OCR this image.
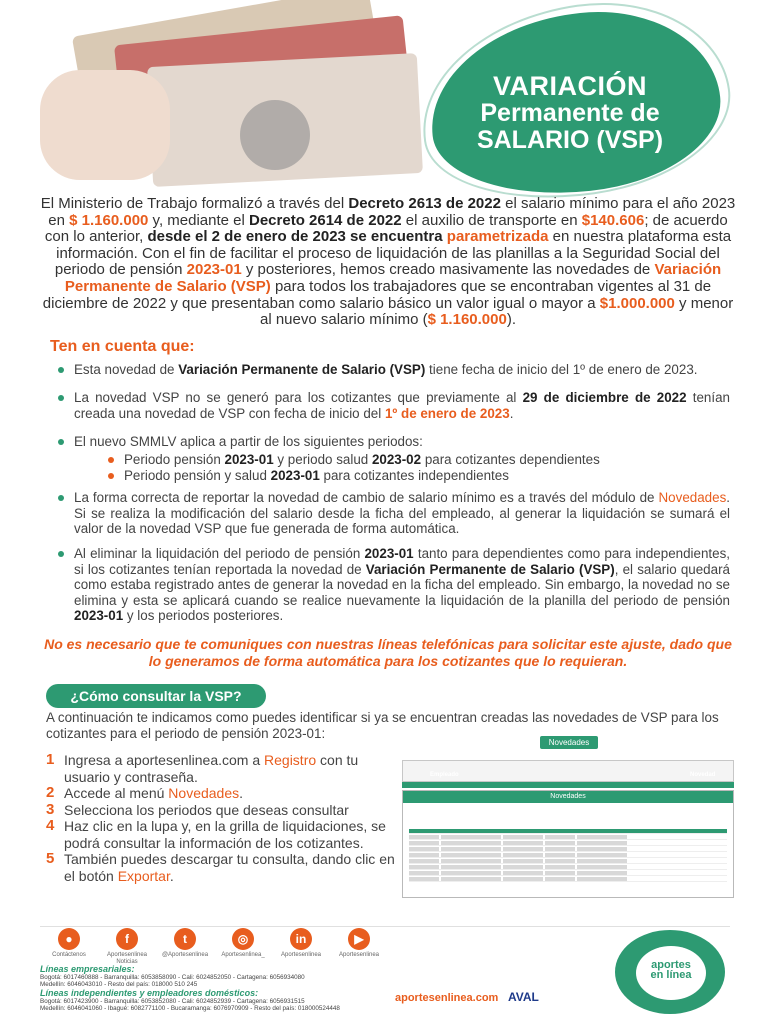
VARIACIÓN
Permanente de
SALARIO (VSP)

El Ministerio de Trabajo formalizó a través del Decreto 2613 de 2022 el salario mínimo para el año 2023 en $ 1.160.000 y, mediante el Decreto 2614 de 2022 el auxilio de transporte en $140.606; de acuerdo con lo anterior, desde el 2 de enero de 2023 se encuentra parametrizada en nuestra plataforma esta información. Con el fin de facilitar el proceso de liquidación de las planillas a la Seguridad Social del periodo de pensión 2023-01 y posteriores, hemos creado masivamente las novedades de Variación Permanente de Salario (VSP) para todos los trabajadores que se encontraban vigentes al 31 de diciembre de 2022 y que presentaban como salario básico un valor igual o mayor a $1.000.000 y menor al nuevo salario mínimo ($ 1.160.000).

Ten en cuenta que:
Esta novedad de Variación Permanente de Salario (VSP) tiene fecha de inicio del 1º de enero de 2023.
La novedad VSP no se generó para los cotizantes que previamente al 29 de diciembre de 2022 tenían creada una novedad de VSP con fecha de inicio del 1º de enero de 2023.
El nuevo SMMLV aplica a partir de los siguientes periodos:
Periodo pensión 2023-01 y periodo salud 2023-02 para cotizantes dependientes
Periodo pensión y salud 2023-01 para cotizantes independientes
La forma correcta de reportar la novedad de cambio de salario mínimo es a través del módulo de Novedades. Si se realiza la modificación del salario desde la ficha del empleado, al generar la liquidación se sumará el valor de la novedad VSP que fue generada de forma automática.
Al eliminar la liquidación del periodo de pensión 2023-01 tanto para dependientes como para independientes, si los cotizantes tenían reportada la novedad de Variación Permanente de Salario (VSP), el salario quedará como estaba registrado antes de generar la novedad en la ficha del empleado. Sin embargo, la novedad no se elimina y esta se aplicará cuando se realice nuevamente la liquidación de la planilla del periodo de pensión 2023-01 y los periodos posteriores.
No es necesario que te comuniques con nuestras líneas telefónicas para solicitar este ajuste, dado que lo generamos de forma automática para los cotizantes que lo requieran.
¿Cómo consultar la VSP?
A continuación te indicamos como puedes identificar si ya se encuentran creadas las novedades de VSP para los cotizantes para el periodo de pensión 2023-01:
1 Ingresa a aportesenlinea.com a Registro con tu usuario y contraseña.
2 Accede al menú Novedades.
3 Selecciona los periodos que deseas consultar
4 Haz clic en la lupa y, en la grilla de liquidaciones, se podrá consultar la información de los cotizantes.
5 También puedes descargar tu consulta, dando clic en el botón Exportar.
Novedades
Empleado	Novedad
Novedades
●
Contáctenos
f
Aportesenlinea Noticias
t
@Aportesenlinea
◎
Aportesenlinea_
in
Aportesenlinea
▶
Aportesenlinea
Líneas empresariales:
Bogotá: 6017460888 - Barranquilla: 6053858090 - Cali: 6024852050 - Cartagena: 6056934080
Medellín: 6046043010 - Resto del país: 018000 510 245
Líneas independientes y empleadores domésticos:
Bogotá: 6017423900 - Barranquilla: 6053852080 - Cali: 6024852939 - Cartagena: 6056931515
Medellín: 6046041060 - Ibagué: 6082771100 - Bucaramanga: 6076970909 - Resto del país: 018000524448
aportesenlinea.com AVAL
aportes
en línea
